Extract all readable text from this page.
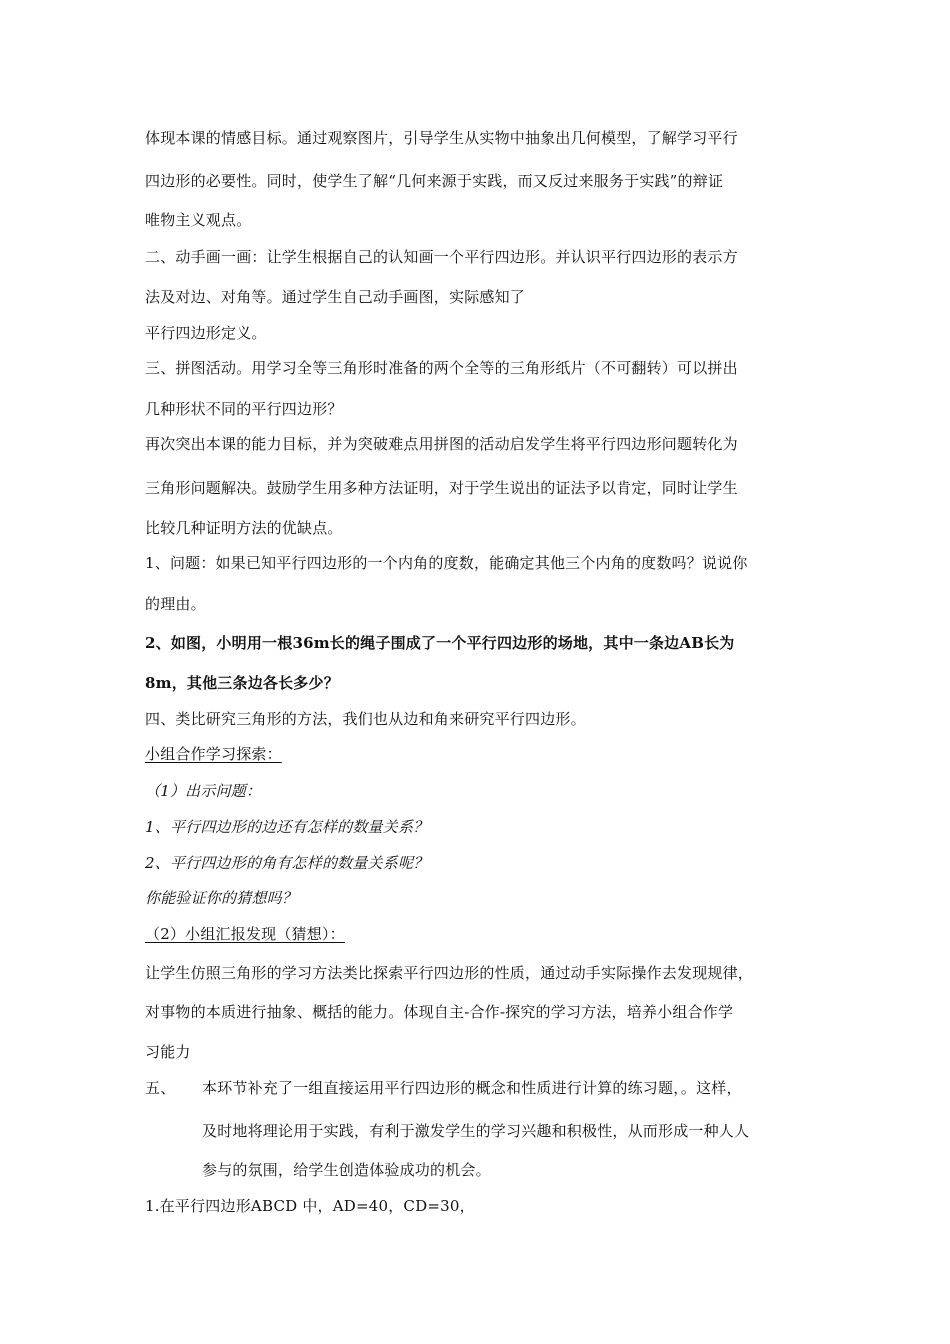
体现本课的情感目标。通过观察图片，引导学生从实物中抽象出几何模型，了解学习平行
四边形的必要性。同时，使学生了解“几何来源于实践，而又反过来服务于实践”的辩证
唯物主义观点。
二、动手画一画：让学生根据自己的认知画一个平行四边形。并认识平行四边形的表示方
法及对边、对角等。通过学生自己动手画图，实际感知了
平行四边形定义。
三、拼图活动。用学习全等三角形时准备的两个全等的三角形纸片（不可翻转）可以拼出
几种形状不同的平行四边形？
再次突出本课的能力目标，并为突破难点用拼图的活动启发学生将平行四边形问题转化为
三角形问题解决。鼓励学生用多种方法证明，对于学生说出的证法予以肯定，同时让学生
比较几种证明方法的优缺点。
1、问题：如果已知平行四边形的一个内角的度数，能确定其他三个内角的度数吗？说说你
的理由。
2、如图，小明用一根36m长的绳子围成了一个平行四边形的场地，其中一条边AB长为
8m，其他三条边各长多少？
四、类比研究三角形的方法，我们也从边和角来研究平行四边形。
小组合作学习探索：
（1）出示问题：
1、平行四边形的边还有怎样的数量关系？
2、平行四边形的角有怎样的数量关系呢？
你能验证你的猜想吗？
（2）小组汇报发现（猜想）：
让学生仿照三角形的学习方法类比探索平行四边形的性质，通过动手实际操作去发现规律，
对事物的本质进行抽象、概括的能力。体现自主-合作-探究的学习方法，培养小组合作学
习能力
五、 本环节补充了一组直接运用平行四边形的概念和性质进行计算的练习题，。这样，
及时地将理论用于实践，有利于激发学生的学习兴趣和积极性，从而形成一种人人
参与的氛围，给学生创造体验成功的机会。
1.在平行四边形ABCD 中，AD=40，CD=30，
